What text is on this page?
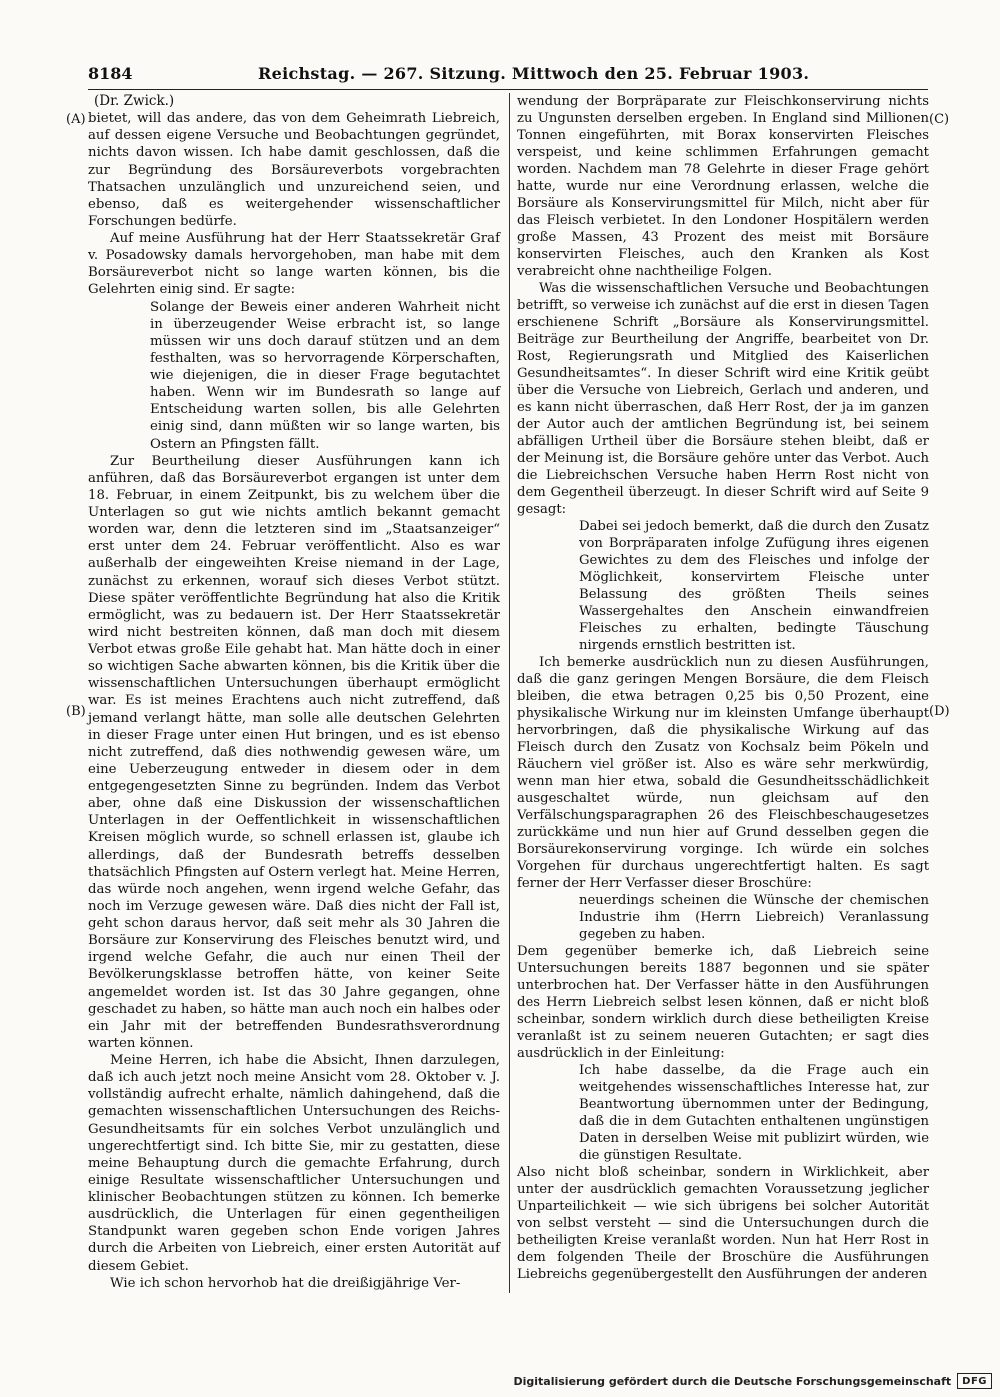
8184	Reichstag. — 267. Sitzung. Mittwoch den 25. Februar 1903.
(A)
(B)
(C)
(D)

(Dr. Zwick.)

bietet, will das andere, das von dem Geheimrath Liebreich, auf dessen eigene Versuche und Beobachtungen gegründet, nichts davon wissen. Ich habe damit geschlossen, daß die zur Begründung des Borsäureverbots vorgebrachten Thatsachen unzulänglich und unzureichend seien, und ebenso, daß es weitergehender wissenschaftlicher Forschungen bedürfe.

Auf meine Ausführung hat der Herr Staatssekretär Graf v. Posadowsky damals hervorgehoben, man habe mit dem Borsäureverbot nicht so lange warten können, bis die Gelehrten einig sind. Er sagte:

Solange der Beweis einer anderen Wahrheit nicht in überzeugender Weise erbracht ist, so lange müssen wir uns doch darauf stützen und an dem festhalten, was so hervorragende Körperschaften, wie diejenigen, die in dieser Frage begutachtet haben. Wenn wir im Bundesrath so lange auf Entscheidung warten sollen, bis alle Gelehrten einig sind, dann müßten wir so lange warten, bis Ostern an Pfingsten fällt.

Zur Beurtheilung dieser Ausführungen kann ich anführen, daß das Borsäureverbot ergangen ist unter dem 18. Februar, in einem Zeitpunkt, bis zu welchem über die Unterlagen so gut wie nichts amtlich bekannt gemacht worden war, denn die letzteren sind im „Staatsanzeiger“ erst unter dem 24. Februar veröffentlicht. Also es war außerhalb der eingeweihten Kreise niemand in der Lage, zunächst zu erkennen, worauf sich dieses Verbot stützt. Diese später veröffentlichte Begründung hat also die Kritik ermöglicht, was zu bedauern ist. Der Herr Staatssekretär wird nicht bestreiten können, daß man doch mit diesem Verbot etwas große Eile gehabt hat. Man hätte doch in einer so wichtigen Sache abwarten können, bis die Kritik über die wissenschaftlichen Untersuchungen überhaupt ermöglicht war. Es ist meines Erachtens auch nicht zutreffend, daß jemand verlangt hätte, man solle alle deutschen Gelehrten in dieser Frage unter einen Hut bringen, und es ist ebenso nicht zutreffend, daß dies nothwendig gewesen wäre, um eine Ueberzeugung entweder in diesem oder in dem entgegengesetzten Sinne zu begründen. Indem das Verbot aber, ohne daß eine Diskussion der wissenschaftlichen Unterlagen in der Oeffentlichkeit in wissenschaftlichen Kreisen möglich wurde, so schnell erlassen ist, glaube ich allerdings, daß der Bundesrath betreffs desselben thatsächlich Pfingsten auf Ostern verlegt hat. Meine Herren, das würde noch angehen, wenn irgend welche Gefahr, das noch im Verzuge gewesen wäre. Daß dies nicht der Fall ist, geht schon daraus hervor, daß seit mehr als 30 Jahren die Borsäure zur Konservirung des Fleisches benutzt wird, und irgend welche Gefahr, die auch nur einen Theil der Bevölkerungsklasse betroffen hätte, von keiner Seite angemeldet worden ist. Ist das 30 Jahre gegangen, ohne geschadet zu haben, so hätte man auch noch ein halbes oder ein Jahr mit der betreffenden Bundesrathsverordnung warten können.

Meine Herren, ich habe die Absicht, Ihnen darzulegen, daß ich auch jetzt noch meine Ansicht vom 28. Oktober v. J. vollständig aufrecht erhalte, nämlich dahingehend, daß die gemachten wissenschaftlichen Untersuchungen des Reichs-Gesundheitsamts für ein solches Verbot unzulänglich und ungerechtfertigt sind. Ich bitte Sie, mir zu gestatten, diese meine Behauptung durch die gemachte Erfahrung, durch einige Resultate wissenschaftlicher Untersuchungen und klinischer Beobachtungen stützen zu können. Ich bemerke ausdrücklich, die Unterlagen für einen gegentheiligen Standpunkt waren gegeben schon Ende vorigen Jahres durch die Arbeiten von Liebreich, einer ersten Autorität auf diesem Gebiet.

Wie ich schon hervorhob hat die dreißigjährige Ver-

wendung der Borpräparate zur Fleischkonservirung nichts zu Ungunsten derselben ergeben. In England sind Millionen Tonnen eingeführten, mit Borax konservirten Fleisches verspeist, und keine schlimmen Erfahrungen gemacht worden. Nachdem man 78 Gelehrte in dieser Frage gehört hatte, wurde nur eine Verordnung erlassen, welche die Borsäure als Konservirungsmittel für Milch, nicht aber für das Fleisch verbietet. In den Londoner Hospitälern werden große Massen, 43 Prozent des meist mit Borsäure konservirten Fleisches, auch den Kranken als Kost verabreicht ohne nachtheilige Folgen.

Was die wissenschaftlichen Versuche und Beobachtungen betrifft, so verweise ich zunächst auf die erst in diesen Tagen erschienene Schrift „Borsäure als Konservirungsmittel. Beiträge zur Beurtheilung der Angriffe, bearbeitet von Dr. Rost, Regierungsrath und Mitglied des Kaiserlichen Gesundheitsamtes“. In dieser Schrift wird eine Kritik geübt über die Versuche von Liebreich, Gerlach und anderen, und es kann nicht überraschen, daß Herr Rost, der ja im ganzen der Autor auch der amtlichen Begründung ist, bei seinem abfälligen Urtheil über die Borsäure stehen bleibt, daß er der Meinung ist, die Borsäure gehöre unter das Verbot. Auch die Liebreichschen Versuche haben Herrn Rost nicht von dem Gegentheil überzeugt. In dieser Schrift wird auf Seite 9 gesagt:

Dabei sei jedoch bemerkt, daß die durch den Zusatz von Borpräparaten infolge Zufügung ihres eigenen Gewichtes zu dem des Fleisches und infolge der Möglichkeit, konservirtem Fleische unter Belassung des größten Theils seines Wassergehaltes den Anschein einwandfreien Fleisches zu erhalten, bedingte Täuschung nirgends ernstlich bestritten ist.

Ich bemerke ausdrücklich nun zu diesen Ausführungen, daß die ganz geringen Mengen Borsäure, die dem Fleisch bleiben, die etwa betragen 0,25 bis 0,50 Prozent, eine physikalische Wirkung nur im kleinsten Umfange überhaupt hervorbringen, daß die physikalische Wirkung auf das Fleisch durch den Zusatz von Kochsalz beim Pökeln und Räuchern viel größer ist. Also es wäre sehr merkwürdig, wenn man hier etwa, sobald die Gesundheitsschädlichkeit ausgeschaltet würde, nun gleichsam auf den Verfälschungsparagraphen 26 des Fleischbeschaugesetzes zurückkäme und nun hier auf Grund desselben gegen die Borsäurekonservirung vorginge. Ich würde ein solches Vorgehen für durchaus ungerechtfertigt halten. Es sagt ferner der Herr Verfasser dieser Broschüre:

neuerdings scheinen die Wünsche der chemischen Industrie ihm (Herrn Liebreich) Veranlassung gegeben zu haben.

Dem gegenüber bemerke ich, daß Liebreich seine Untersuchungen bereits 1887 begonnen und sie später unterbrochen hat. Der Verfasser hätte in den Ausführungen des Herrn Liebreich selbst lesen können, daß er nicht bloß scheinbar, sondern wirklich durch diese betheiligten Kreise veranlaßt ist zu seinem neueren Gutachten; er sagt dies ausdrücklich in der Einleitung:

Ich habe dasselbe, da die Frage auch ein weitgehendes wissenschaftliches Interesse hat, zur Beantwortung übernommen unter der Bedingung, daß die in dem Gutachten enthaltenen ungünstigen Daten in derselben Weise mit publizirt würden, wie die günstigen Resultate.

Also nicht bloß scheinbar, sondern in Wirklichkeit, aber unter der ausdrücklich gemachten Voraussetzung jeglicher Unparteilichkeit — wie sich übrigens bei solcher Autorität von selbst versteht — sind die Untersuchungen durch die betheiligten Kreise veranlaßt worden. Nun hat Herr Rost in dem folgenden Theile der Broschüre die Ausführungen Liebreichs gegenübergestellt den Ausführungen der anderen

Digitalisierung gefördert durch die Deutsche Forschungsgemeinschaft	DFG
